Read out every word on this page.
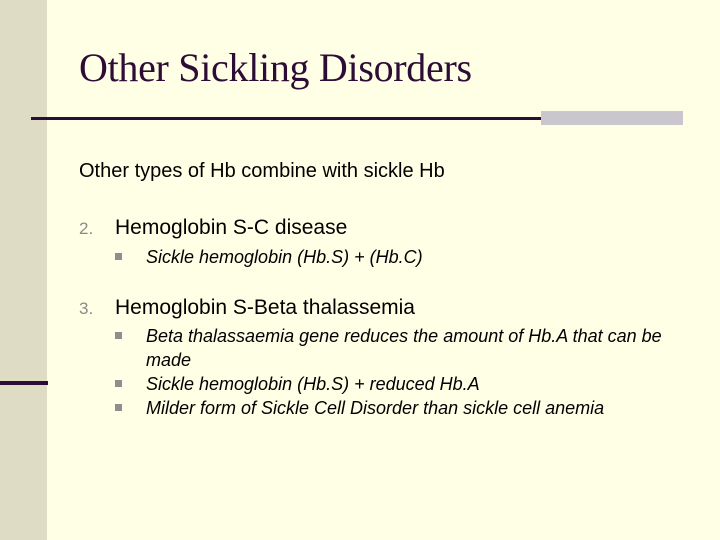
Other Sickling Disorders
Other types of Hb combine with sickle Hb
2.	Hemoglobin S-C disease
Sickle hemoglobin (Hb.S) + (Hb.C)
3.	Hemoglobin S-Beta thalassemia
Beta thalassaemia gene reduces the amount of Hb.A that can be made
Sickle hemoglobin (Hb.S) + reduced Hb.A
Milder form of Sickle Cell Disorder than sickle cell anemia
